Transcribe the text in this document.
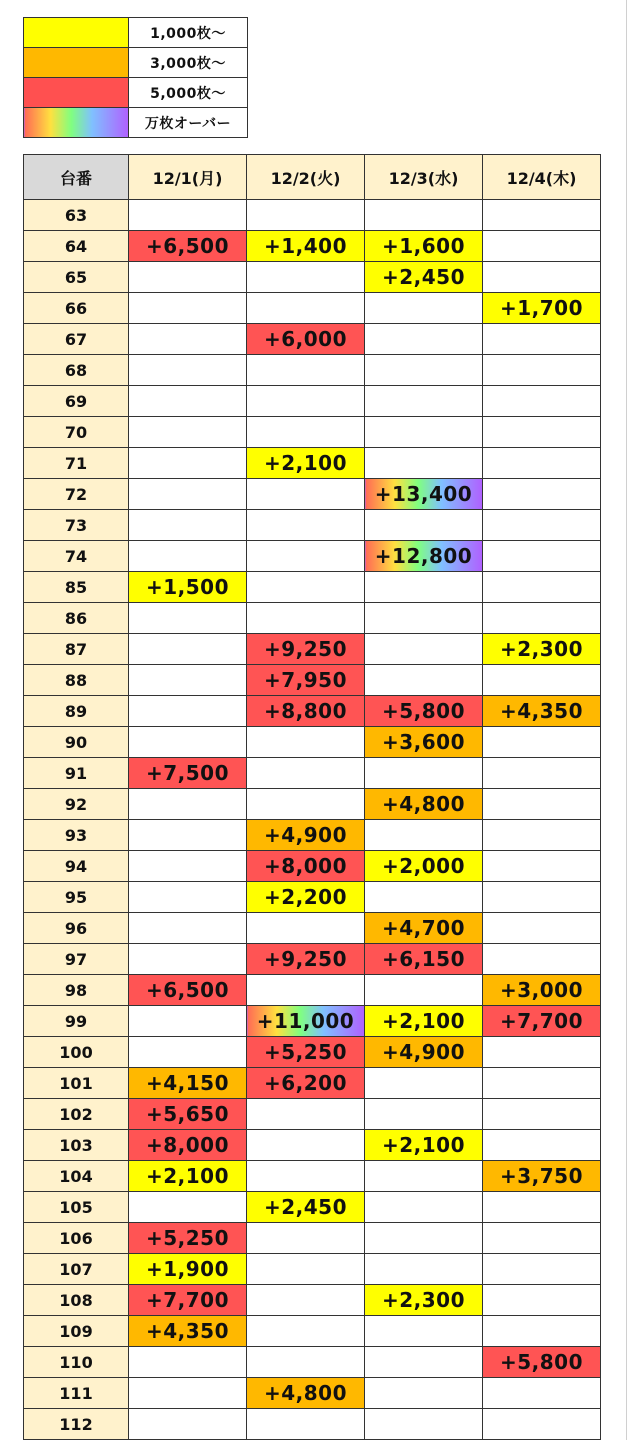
	1,000枚～
	3,000枚～
	5,000枚～
	万枚オーバー
台番	12/1(月)	12/2(火)	12/3(水)	12/4(木)
63				
64	+6,500	+1,400	+1,600	
65			+2,450	
66				+1,700
67		+6,000		
68				
69				
70				
71		+2,100		
72			+13,400	
73				
74			+12,800	
85	+1,500			
86				
87		+9,250		+2,300
88		+7,950		
89		+8,800	+5,800	+4,350
90			+3,600	
91	+7,500			
92			+4,800	
93		+4,900		
94		+8,000	+2,000	
95		+2,200		
96			+4,700	
97		+9,250	+6,150	
98	+6,500			+3,000
99		+11,000	+2,100	+7,700
100		+5,250	+4,900	
101	+4,150	+6,200		
102	+5,650			
103	+8,000		+2,100	
104	+2,100			+3,750
105		+2,450		
106	+5,250			
107	+1,900			
108	+7,700		+2,300	
109	+4,350			
110				+5,800
111		+4,800		
112				
